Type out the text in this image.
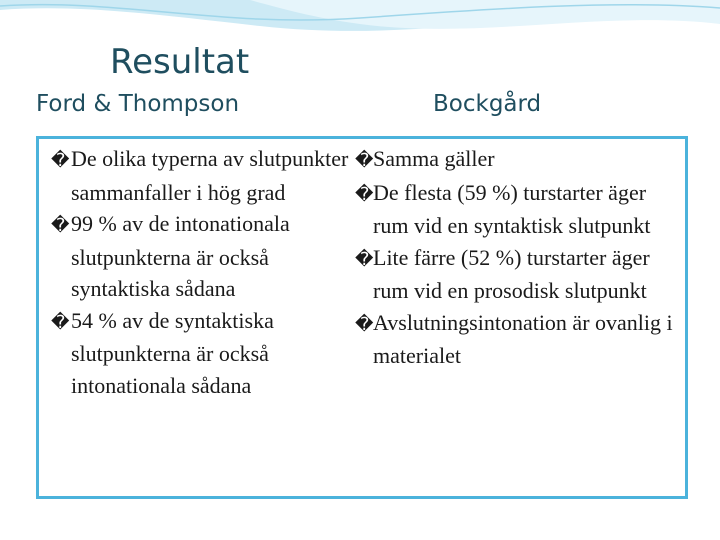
Resultat
Ford & Thompson	Bockgård
�De olika typerna av slutpunkter sammanfaller i hög grad
�99 % av de intonationala slutpunkterna är också syntaktiska sådana
�54 % av de syntaktiska slutpunkterna är också intonationala sådana
�Samma gäller
�De flesta (59 %) turstarter äger rum vid en syntaktisk slutpunkt
�Lite färre (52 %) turstarter äger rum vid en prosodisk slutpunkt
�Avslutningsintonation är ovanlig i materialet
